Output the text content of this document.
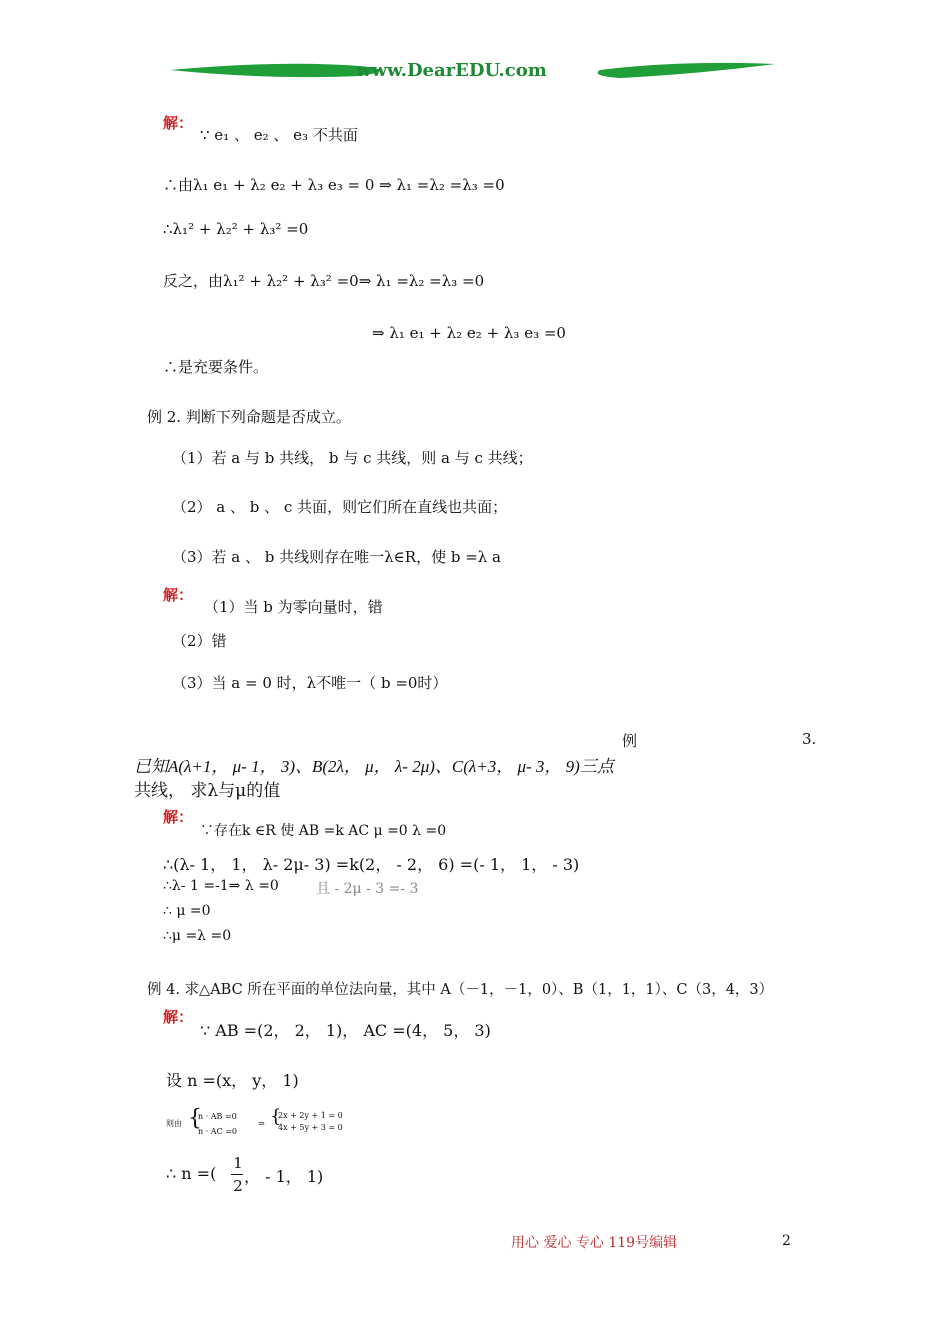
www.DearEDU.com
解：
∵ e₁ 、 e₂ 、 e₃ 不共面
∴由λ₁ e₁ + λ₂ e₂ + λ₃ e₃ = 0 ⇒ λ₁ =λ₂ =λ₃ =0
∴λ₁² + λ₂² + λ₃² =0
反之，由λ₁² + λ₂² + λ₃² =0⇒ λ₁ =λ₂ =λ₃ =0
⇒ λ₁ e₁ + λ₂ e₂ + λ₃ e₃ =0
∴是充要条件。
例 2. 判断下列命题是否成立。
（1）若 a 与 b 共线， b 与 c 共线，则 a 与 c 共线；
（2） a 、 b 、 c 共面，则它们所在直线也共面；
（3）若 a 、 b 共线则存在唯一λ∈R，使 b =λ a
解：
（1）当 b 为零向量时，错
（2）错
（3）当 a = 0 时，λ不唯一（ b =0时）
例	3.
已知A(λ+1， μ- 1， 3)、B(2λ， μ， λ- 2μ)、C(λ+3， μ- 3， 9)三点
共线， 求λ与μ的值
解：
∵存在k ∈R 使 AB =k AC μ =0 λ =0
∴(λ- 1， 1， λ- 2μ- 3) =k(2， - 2， 6) =(- 1， 1， - 3)
∴λ- 1 =-1⇒ λ =0	且 - 2μ - 3 =- 3
∴ μ =0
∴μ =λ =0
例 4. 求△ABC 所在平面的单位法向量，其中 A（－1，－1，0）、B（1，1，1）、C（3，4，3）
解：
∵ AB =(2， 2， 1)， AC =(4， 5， 3)
设 n =(x， y， 1)
则由 {
n · AB =0
n · AC =0
⇒ {
2x + 2y + 1 = 0
4x + 5y + 3 = 0
∴ n =(
1
2 ， - 1， 1)
用心 爱心 专心 119号编辑	2
